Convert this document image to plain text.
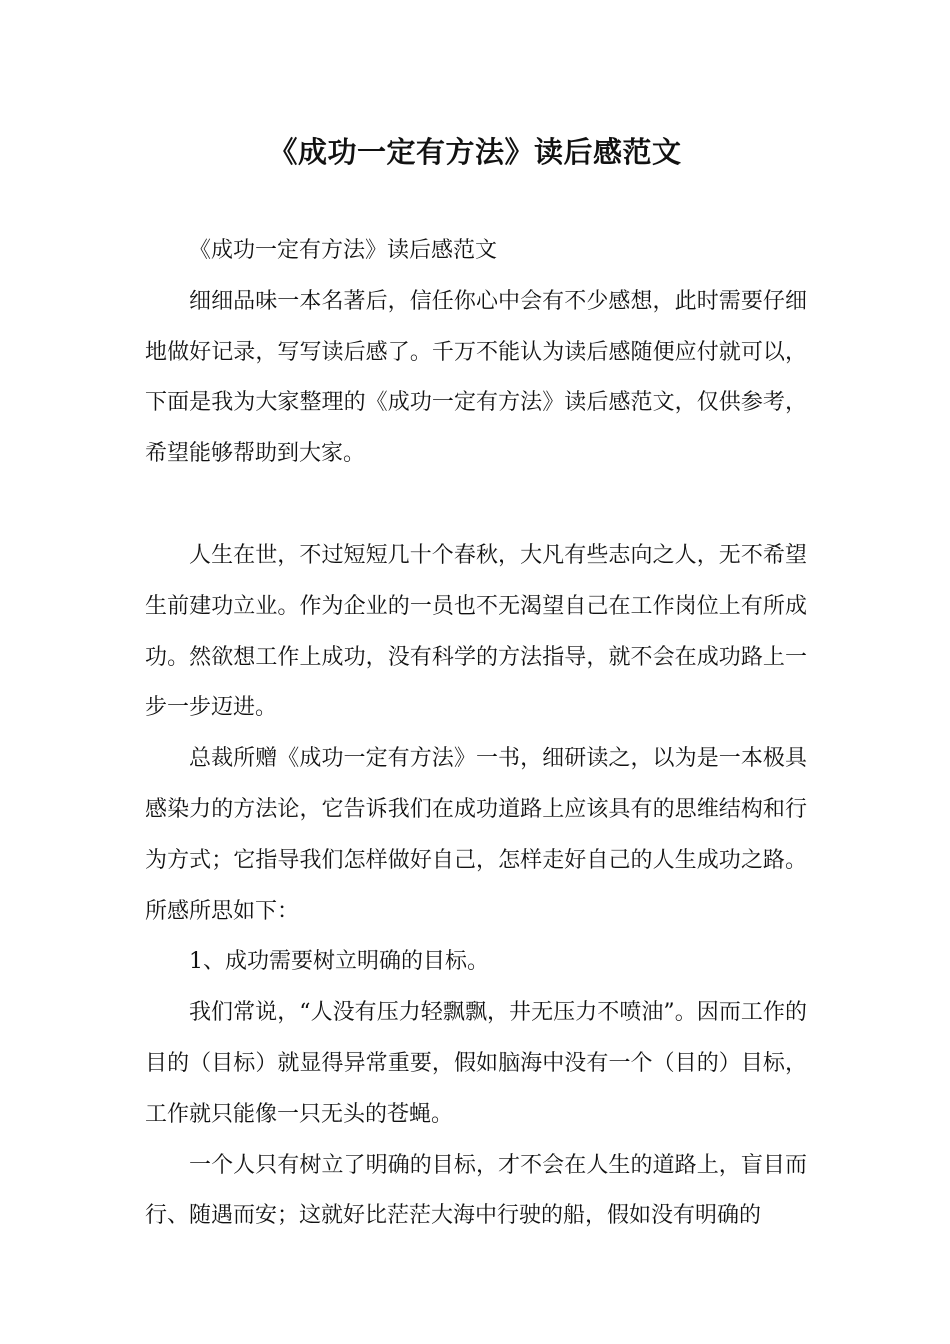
《成功一定有方法》读后感范文

《成功一定有方法》读后感范文

细细品味一本名著后，信任你心中会有不少感想，此时需要仔细地做好记录，写写读后感了。千万不能认为读后感随便应付就可以，下面是我为大家整理的《成功一定有方法》读后感范文，仅供参考，希望能够帮助到大家。

人生在世，不过短短几十个春秋，大凡有些志向之人，无不希望生前建功立业。作为企业的一员也不无渴望自己在工作岗位上有所成功。然欲想工作上成功，没有科学的方法指导，就不会在成功路上一步一步迈进。

总裁所赠《成功一定有方法》一书，细研读之，以为是一本极具感染力的方法论，它告诉我们在成功道路上应该具有的思维结构和行为方式；它指导我们怎样做好自己，怎样走好自己的人生成功之路。所感所思如下：

1、成功需要树立明确的目标。

我们常说，“人没有压力轻飘飘，井无压力不喷油”。因而工作的目的（目标）就显得异常重要，假如脑海中没有一个（目的）目标，工作就只能像一只无头的苍蝇。

一个人只有树立了明确的目标，才不会在人生的道路上，盲目而行、随遇而安；这就好比茫茫大海中行驶的船，假如没有明确的
